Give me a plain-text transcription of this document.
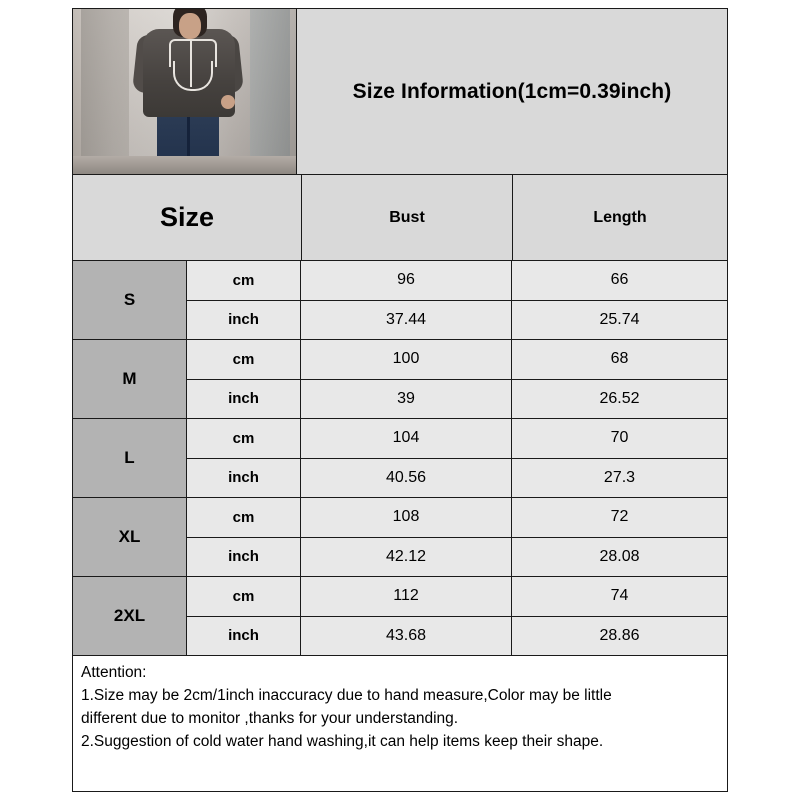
Size Information(1cm=0.39inch)
Size	Bust	Length
S
cm	96	66
inch	37.44	25.74
M
cm	100	68
inch	39	26.52
L
cm	104	70
inch	40.56	27.3
XL
cm	108	72
inch	42.12	28.08
2XL
cm	112	74
inch	43.68	28.86

Attention:

1.Size may be 2cm/1inch inaccuracy due to hand measure,Color may be little

different due to monitor ,thanks for your understanding.

2.Suggestion of cold water hand washing,it can help items keep their shape.
